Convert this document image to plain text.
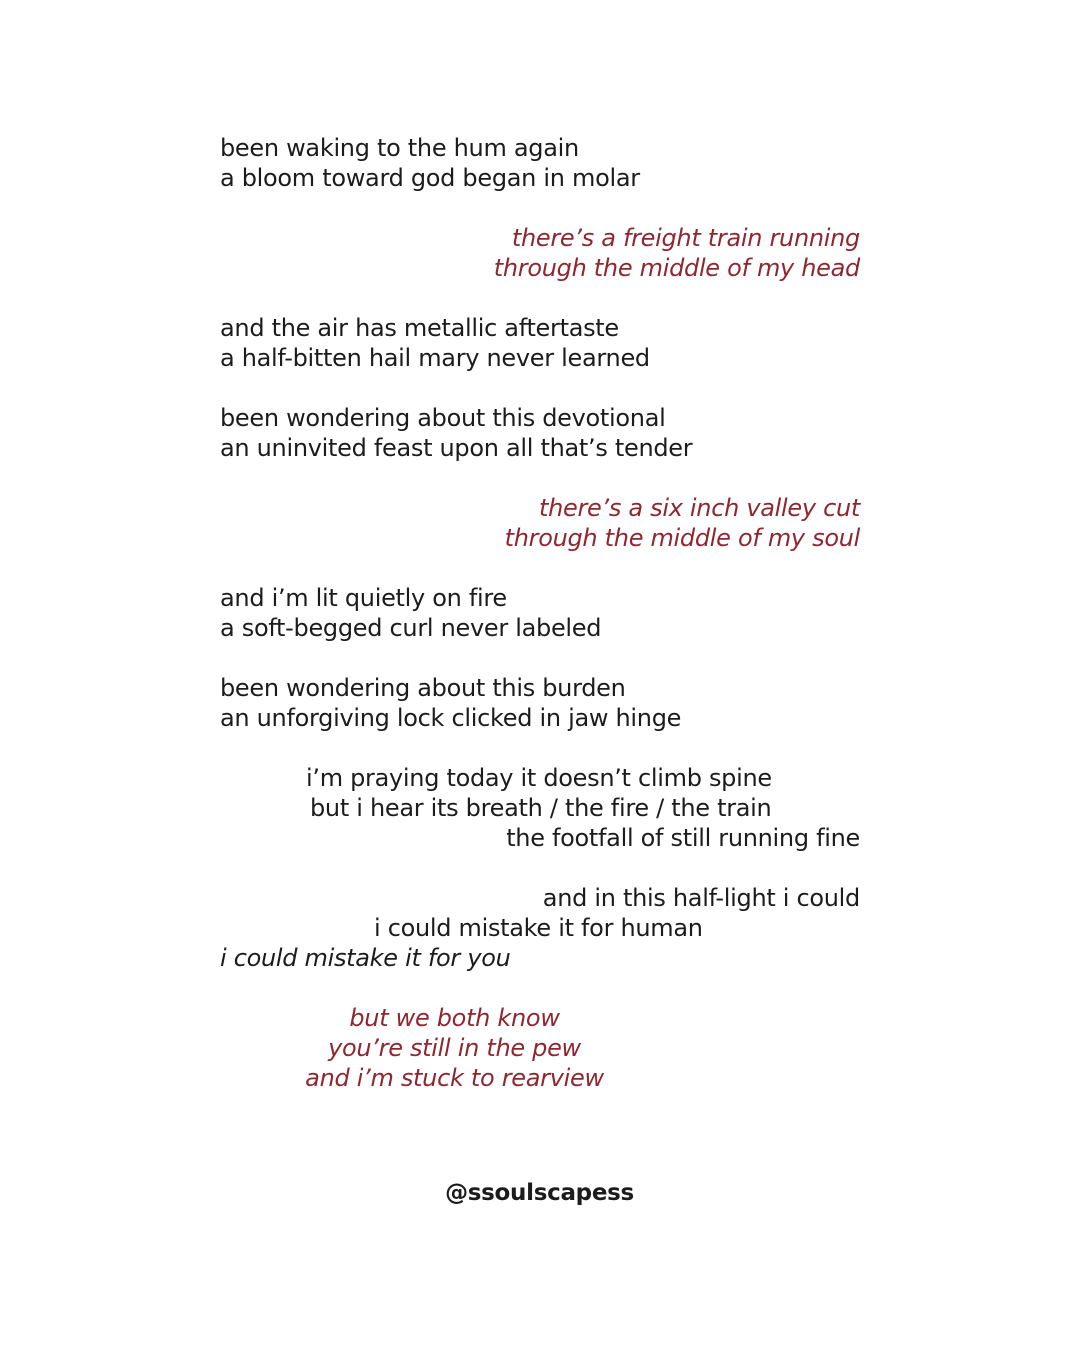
been waking to the hum again
a bloom toward god began in molar
there’s a freight train running
through the middle of my head
and the air has metallic aftertaste
a half-bitten hail mary never learned
been wondering about this devotional
an uninvited feast upon all that’s tender
there’s a six inch valley cut
through the middle of my soul
and i’m lit quietly on fire
a soft-begged curl never labeled
been wondering about this burden
an unforgiving lock clicked in jaw hinge
i’m praying today it doesn’t climb spine
but i hear its breath / the fire / the train
the footfall of still running fine
and in this half-light i could
i could mistake it for human
i could mistake it for you
but we both know
you’re still in the pew
and i’m stuck to rearview
@ssoulscapess
